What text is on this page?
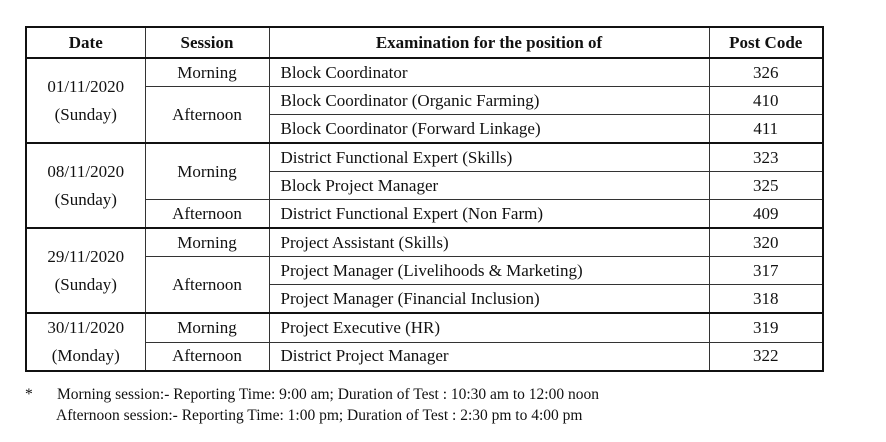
Date	Session	Examination for the position of	Post Code

01/11/2020
(Sunday)	Morning	Block Coordinator	326
	Afternoon	Block Coordinator (Organic Farming)	410
		Block Coordinator (Forward Linkage)	411

08/11/2020
(Sunday)	Morning	District Functional Expert (Skills)	323
		Block Project Manager	325
	Afternoon	District Functional Expert (Non Farm)	409

29/11/2020
(Sunday)	Morning	Project Assistant (Skills)	320
	Afternoon	Project Manager (Livelihoods & Marketing)	317
		Project Manager (Financial Inclusion)	318

30/11/2020
(Monday)	Morning	Project Executive (HR)	319
	Afternoon	District Project Manager	322
* Morning session:- Reporting Time: 9:00 am; Duration of Test : 10:30 am to 12:00 noon
Afternoon session:- Reporting Time: 1:00 pm; Duration of Test : 2:30 pm to 4:00 pm
